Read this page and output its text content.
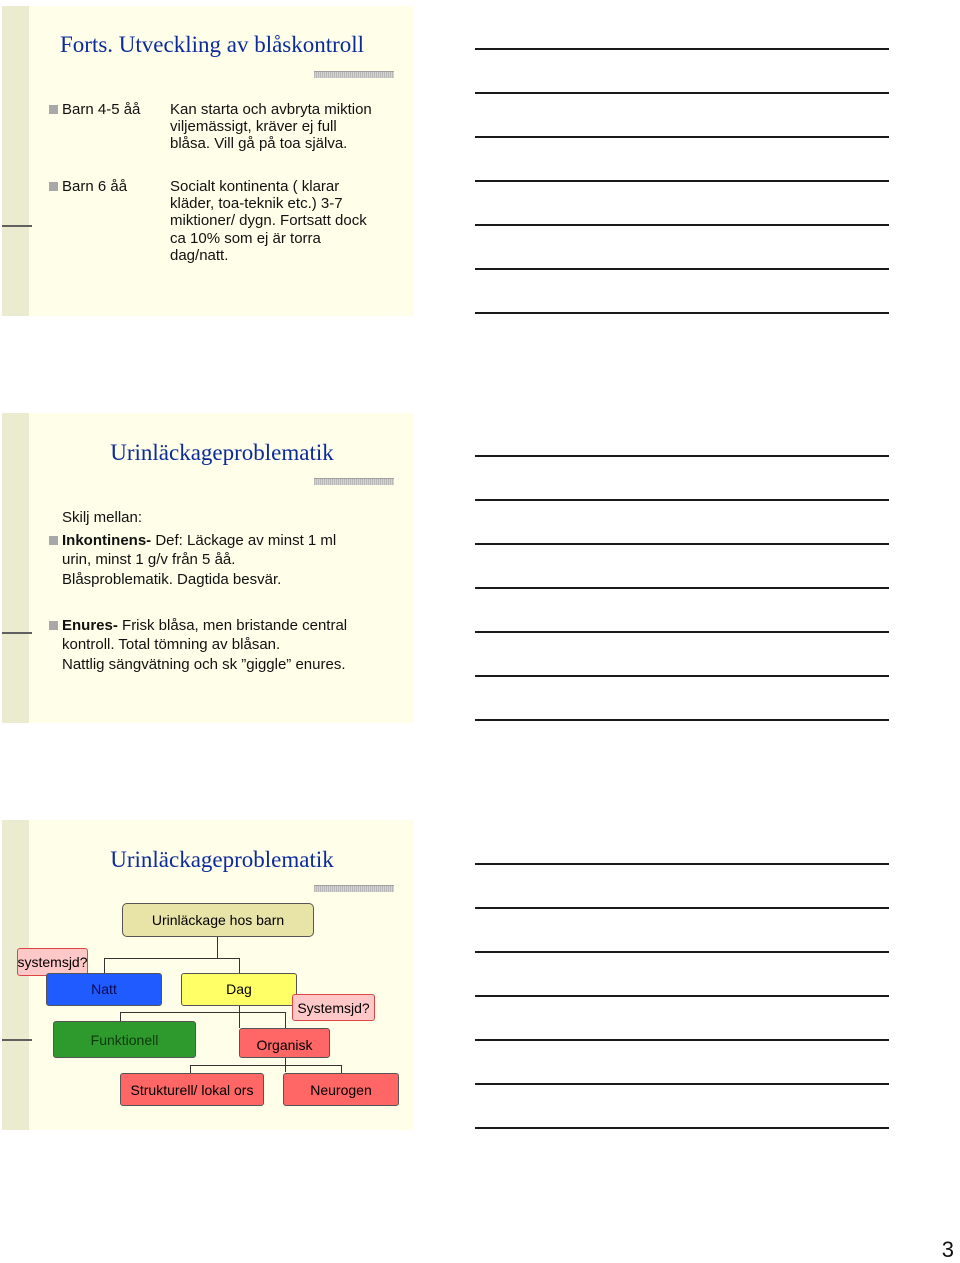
Forts. Utveckling av blåskontroll
Barn 4-5 åå Kan starta och avbryta miktion
viljemässigt, kräver ej full
blåsa. Vill gå på toa själva.
Barn 6 åå	Socialt kontinenta ( klarar
kläder, toa-teknik etc.) 3-7
miktioner/ dygn. Fortsatt dock
ca 10% som ej är torra
dag/natt.
Urinläckageproblematik
Skilj mellan:
Inkontinens- Def: Läckage av minst 1 ml
urin, minst 1 g/v från 5 åå.
Blåsproblematik. Dagtida besvär.
Enures- Frisk blåsa, men bristande central
kontroll. Total tömning av blåsan.
Nattlig sängvätning och sk ”giggle” enures.
Urinläckageproblematik
Urinläckage hos barn
systemsjd?
Natt	Dag
Systemsjd?
Funktionell	Organisk
Strukturell/ lokal ors	Neurogen
3
